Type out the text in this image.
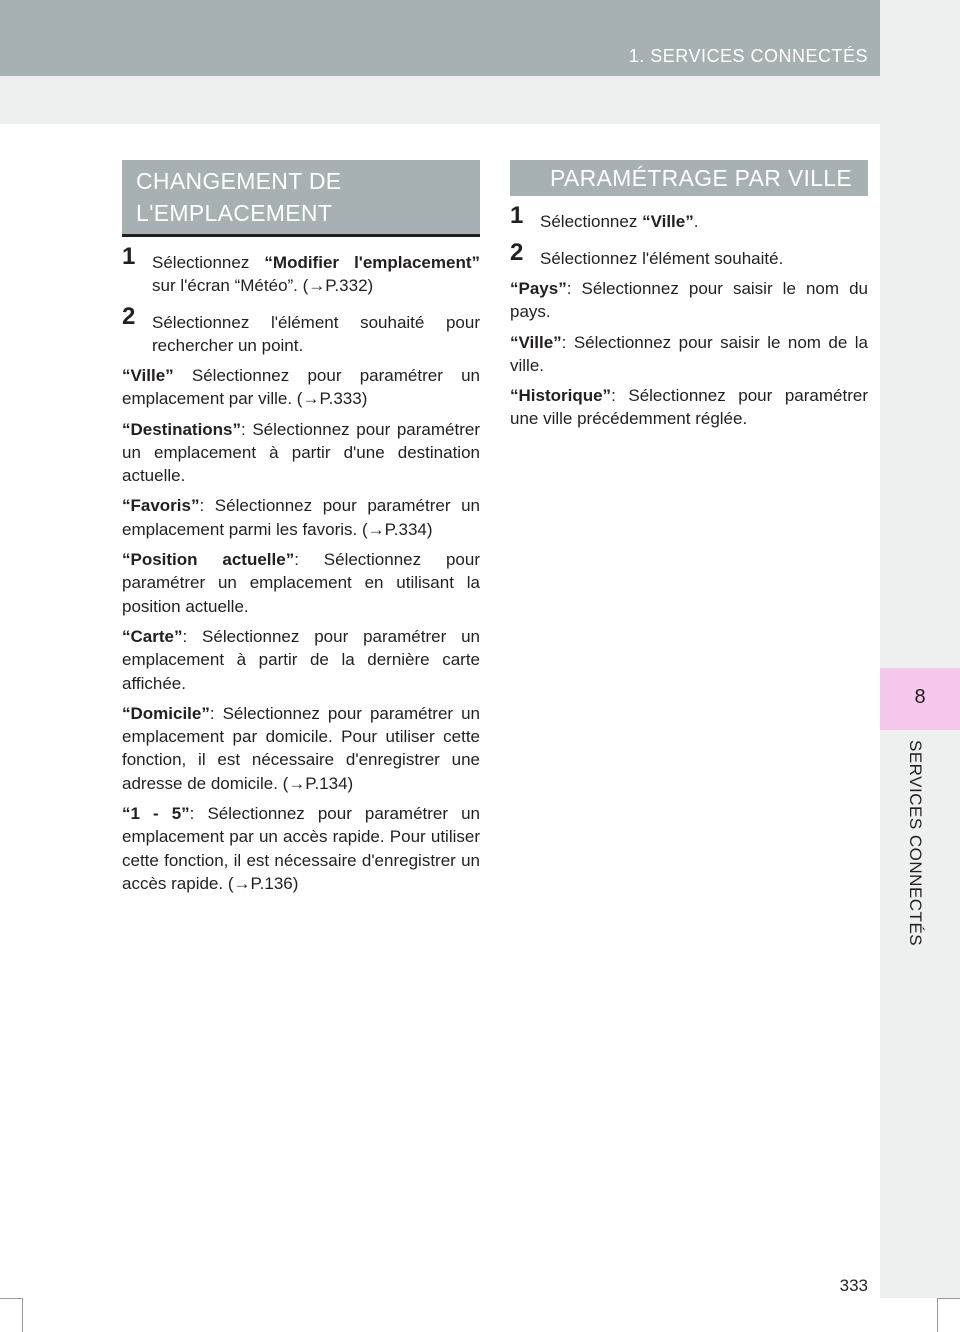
1. SERVICES CONNECTÉS
8
SERVICES CONNECTÉS
CHANGEMENT DE
L'EMPLACEMENT
1 Sélectionnez “Modifier l'emplacement” sur l'écran “Météo”. (→P.332)
2 Sélectionnez l'élément souhaité pour rechercher un point.
“Ville” Sélectionnez pour paramétrer un emplacement par ville. (→P.333)
“Destinations”: Sélectionnez pour paramétrer un emplacement à partir d'une destination actuelle.
“Favoris”: Sélectionnez pour paramétrer un emplacement parmi les favoris. (→P.334)
“Position actuelle”: Sélectionnez pour paramétrer un emplacement en utilisant la position actuelle.
“Carte”: Sélectionnez pour paramétrer un emplacement à partir de la dernière carte affichée.
“Domicile”: Sélectionnez pour paramétrer un emplacement par domicile. Pour utiliser cette fonction, il est nécessaire d'enregistrer une adresse de domicile. (→P.134)
“1 - 5”: Sélectionnez pour paramétrer un emplacement par un accès rapide. Pour utiliser cette fonction, il est nécessaire d'enregistrer un accès rapide. (→P.136)
PARAMÉTRAGE PAR VILLE
1 Sélectionnez “Ville”.
2 Sélectionnez l'élément souhaité.
“Pays”: Sélectionnez pour saisir le nom du pays.
“Ville”: Sélectionnez pour saisir le nom de la ville.
“Historique”: Sélectionnez pour paramétrer une ville précédemment réglée.
333
